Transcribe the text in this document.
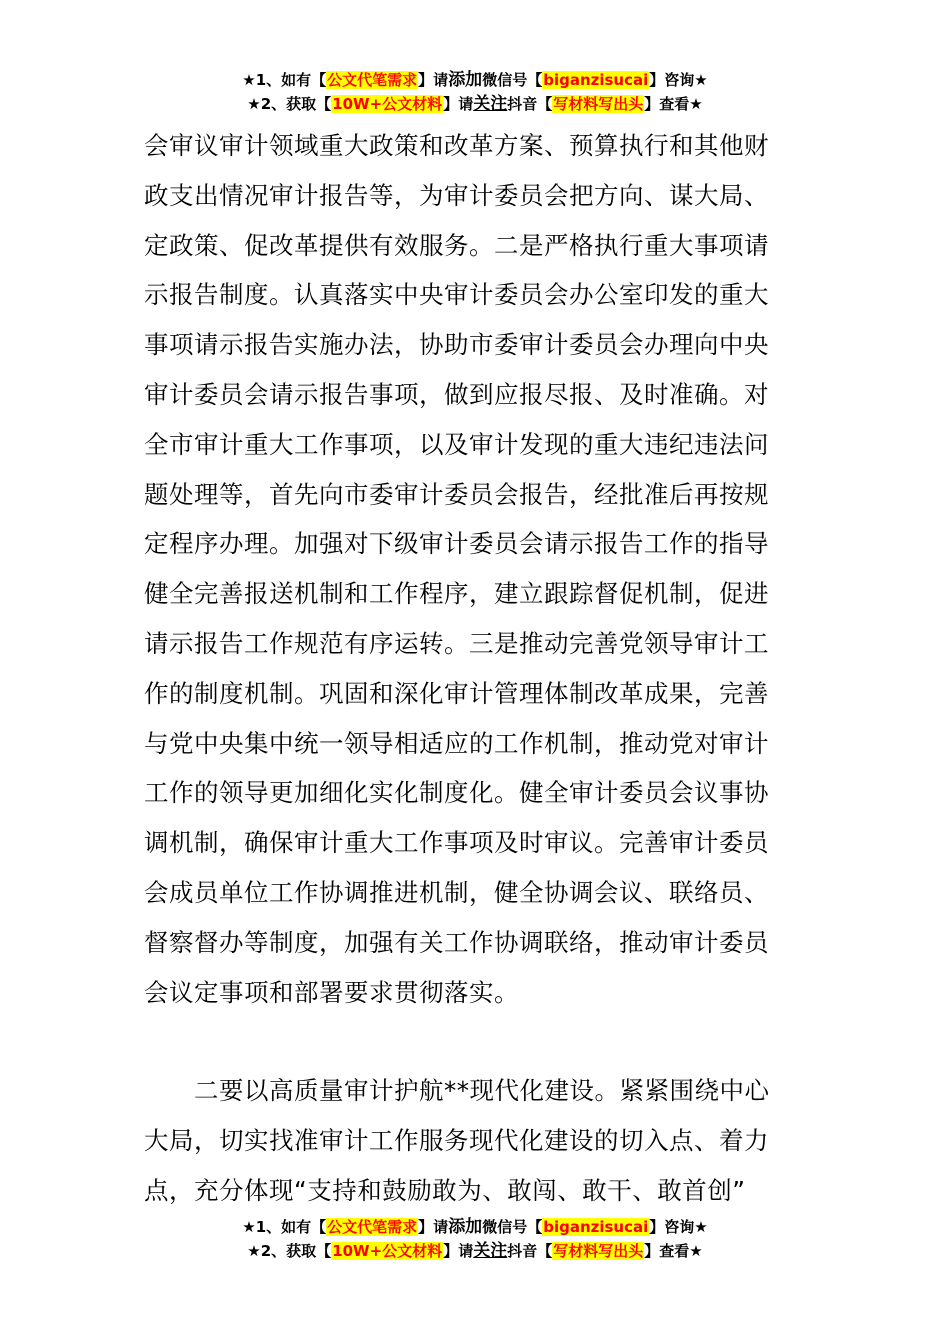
★1、如有【公文代笔需求】请添加微信号【biganzisucai】咨询★
★2、获取【10W+公文材料】请关注抖音【写材料写出头】查看★
会审议审计领域重大政策和改革方案、预算执行和其他财
政支出情况审计报告等，为审计委员会把方向、谋大局、
定政策、促改革提供有效服务。二是严格执行重大事项请
示报告制度。认真落实中央审计委员会办公室印发的重大
事项请示报告实施办法，协助市委审计委员会办理向中央
审计委员会请示报告事项，做到应报尽报、及时准确。对
全市审计重大工作事项，以及审计发现的重大违纪违法问
题处理等，首先向市委审计委员会报告，经批准后再按规
定程序办理。加强对下级审计委员会请示报告工作的指导
健全完善报送机制和工作程序，建立跟踪督促机制，促进
请示报告工作规范有序运转。三是推动完善党领导审计工
作的制度机制。巩固和深化审计管理体制改革成果，完善
与党中央集中统一领导相适应的工作机制，推动党对审计
工作的领导更加细化实化制度化。健全审计委员会议事协
调机制，确保审计重大工作事项及时审议。完善审计委员
会成员单位工作协调推进机制，健全协调会议、联络员、
督察督办等制度，加强有关工作协调联络，推动审计委员
会议定事项和部署要求贯彻落实。
二要以高质量审计护航**现代化建设。紧紧围绕中心
大局，切实找准审计工作服务现代化建设的切入点、着力
点，充分体现“支持和鼓励敢为、敢闯、敢干、敢首创”
★1、如有【公文代笔需求】请添加微信号【biganzisucai】咨询★
★2、获取【10W+公文材料】请关注抖音【写材料写出头】查看★
